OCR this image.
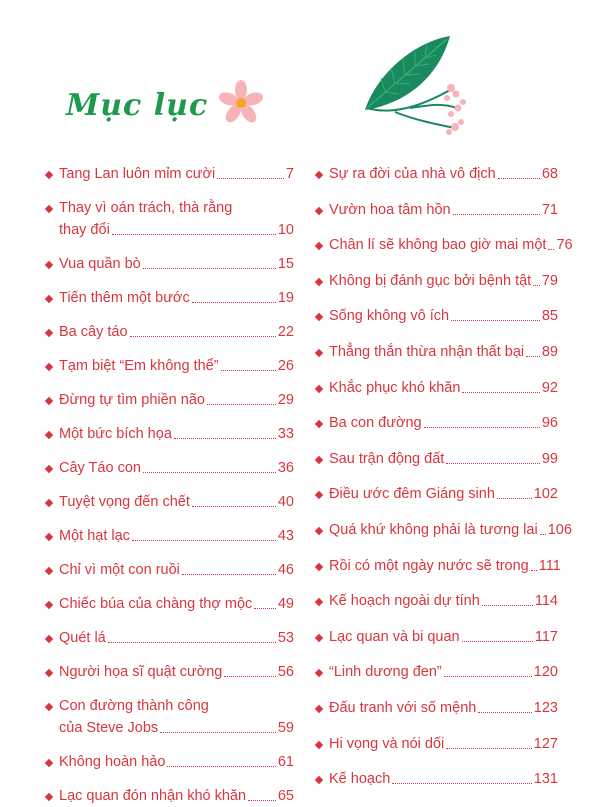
Mục lục
Tang Lan luôn mỉm cười	7
Thay vì oán trách, thà rằng
thay đổi	10
Vua quần bò	15
Tiến thêm một bước	19
Ba cây táo	22
Tạm biệt “Em không thể”	26
Đừng tự tìm phiền não	29
Một bức bích họa	33
Cây Táo con	36
Tuyệt vọng đến chết	40
Một hạt lạc	43
Chỉ vì một con ruồi	46
Chiếc búa của chàng thợ mộc 49
Quét lá	53
Người họa sĩ quật cường	56
Con đường thành công
của Steve Jobs	59
Không hoàn hảo	61
Lạc quan đón nhận khó khăn 65
Sự ra đời của nhà vô địch	68
Vườn hoa tâm hồn	71
Chân lí sẽ không bao giờ mai một 76
Không bị đánh gục bởi bệnh tật 79
Sống không vô ích	85
Thẳng thắn thừa nhận thất bại 89
Khắc phục khó khăn	92
Ba con đường	96
Sau trận động đất	99
Điều ước đêm Giáng sinh	102
Quá khứ không phải là tương lai 106
Rồi có một ngày nước sẽ trong 111
Kế hoạch ngoài dự tính	114
Lạc quan và bi quan	117
“Linh dương đen”	120
Đấu tranh với số mệnh	123
Hi vọng và nói dối	127
Kế hoạch	131
